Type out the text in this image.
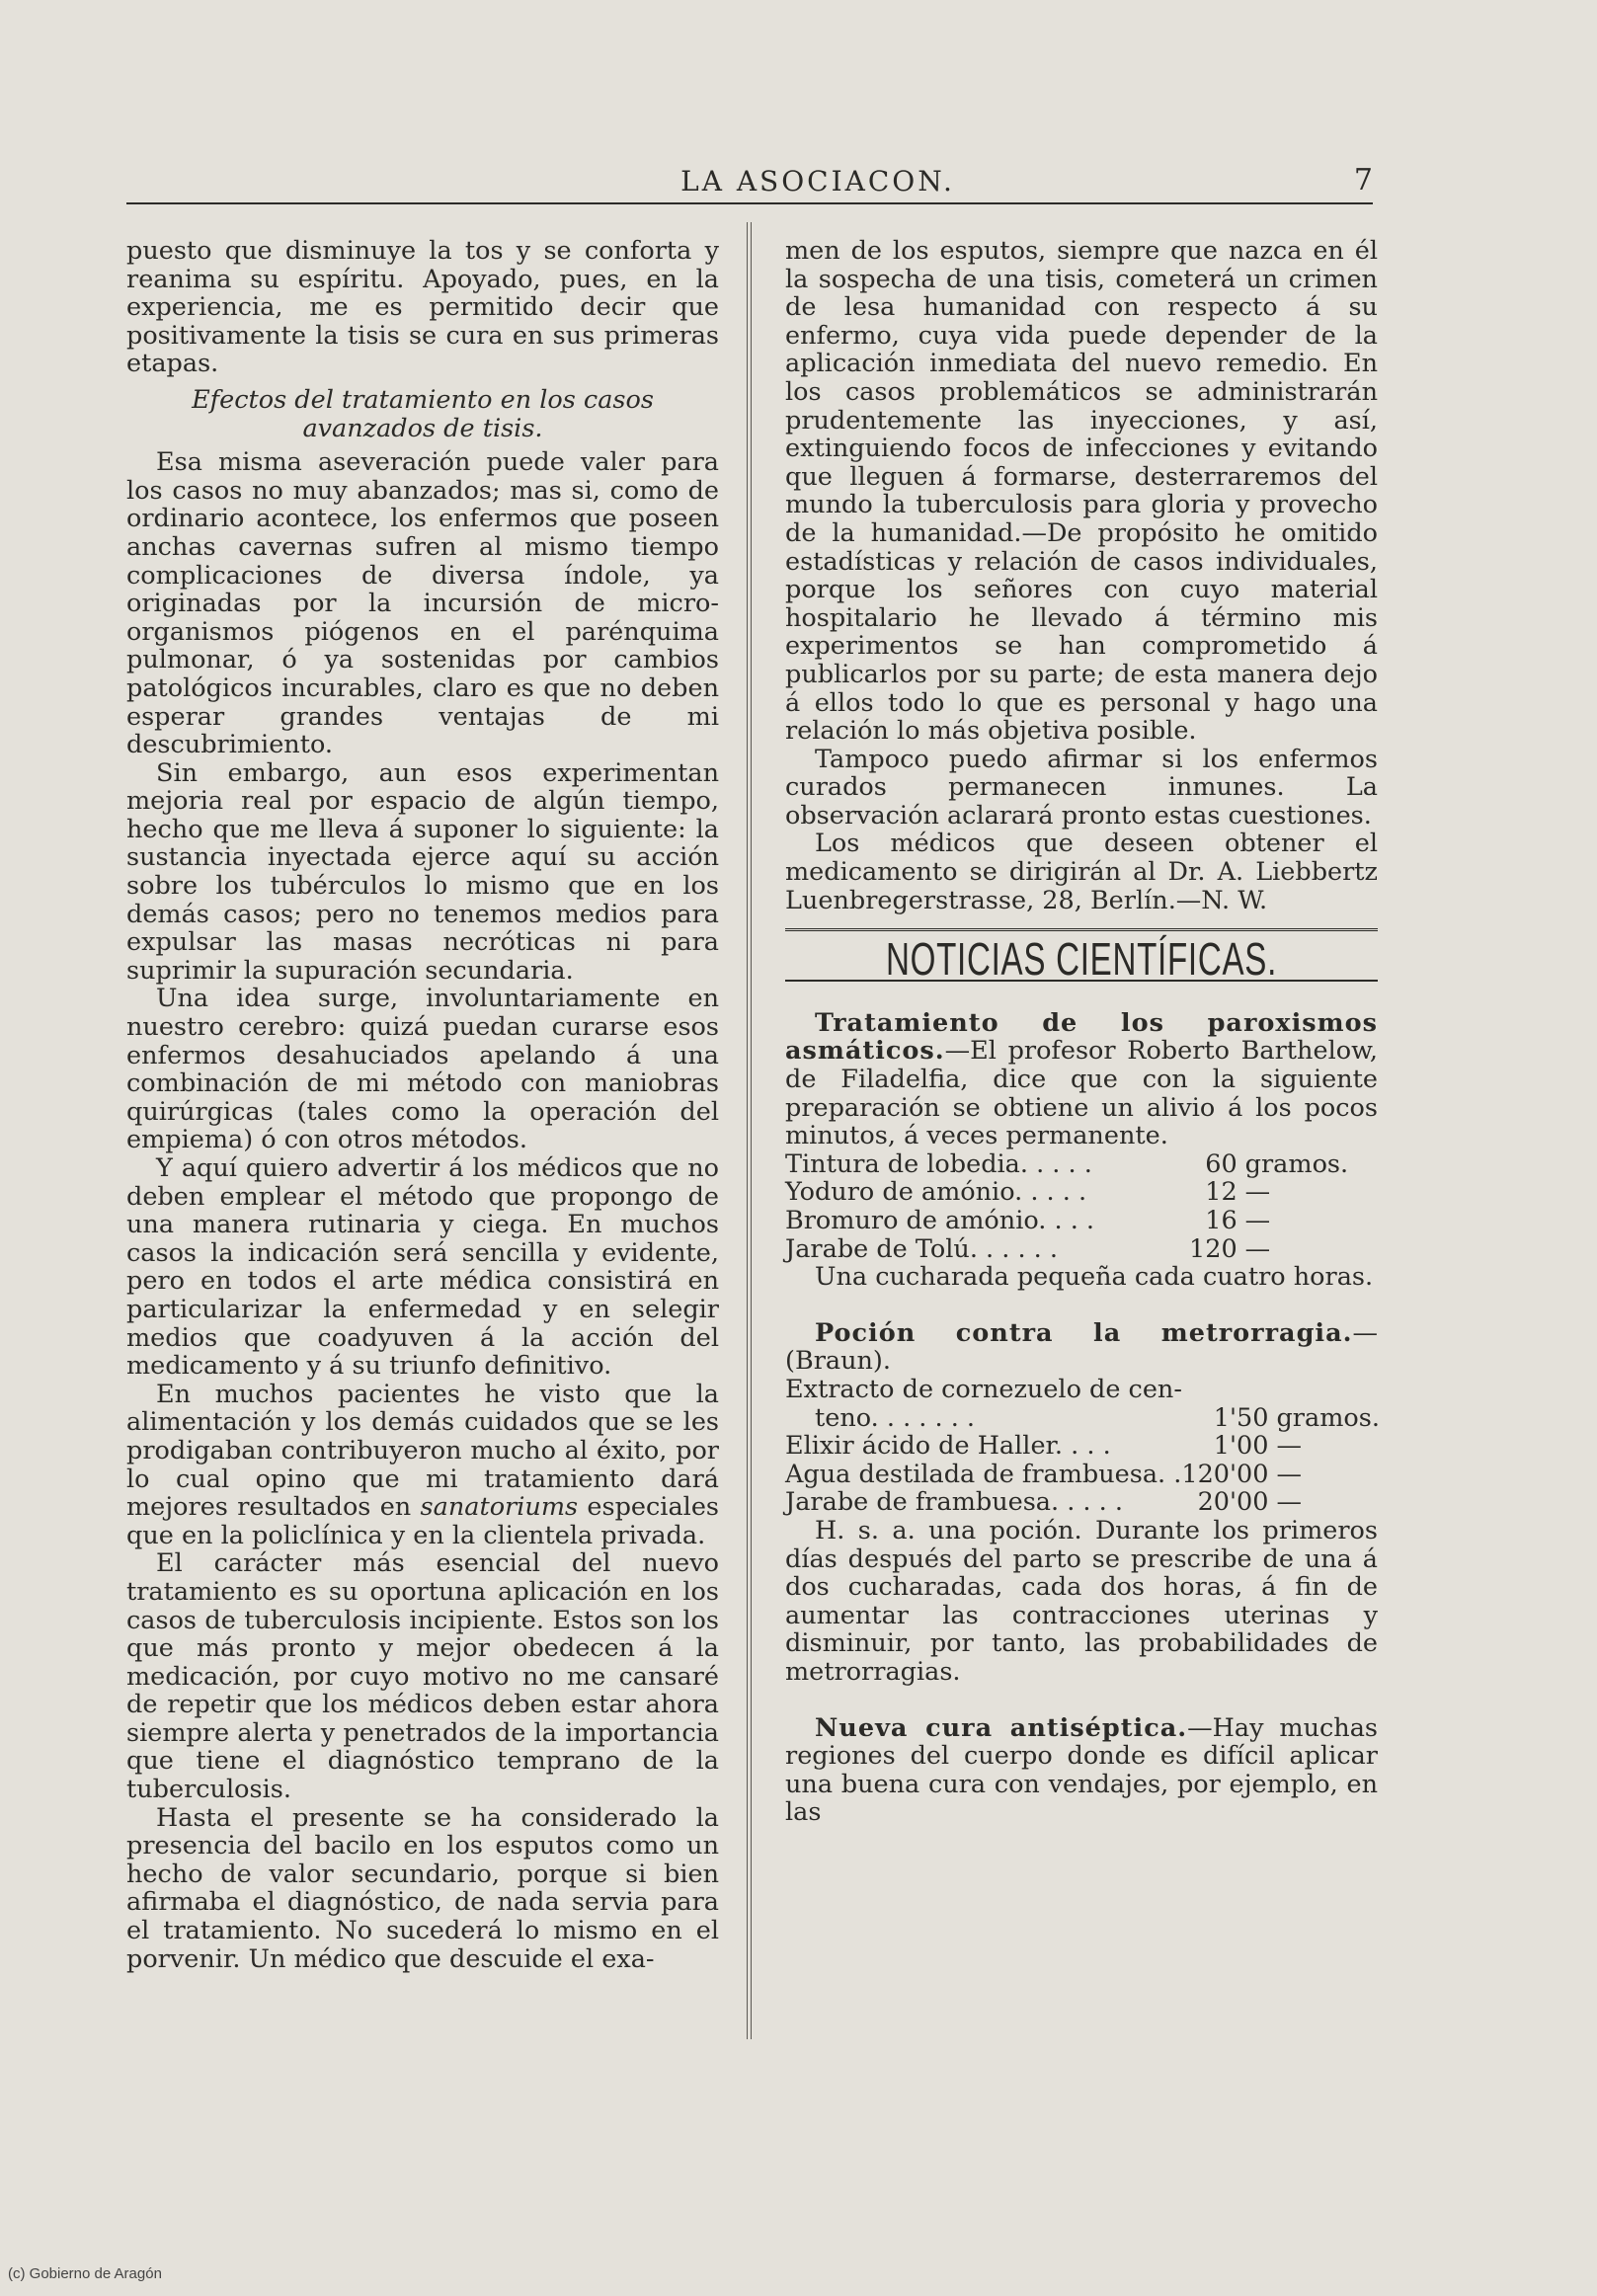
LA ASOCIACON.	7

puesto que disminuye la tos y se conforta y reanima su espíritu. Apoyado, pues, en la experiencia, me es permitido decir que positivamente la tisis se cura en sus primeras etapas.

Efectos del tratamiento en los casos avanzados de tisis.

Esa misma aseveración puede valer para los casos no muy abanzados; mas si, como de ordinario acontece, los enfermos que poseen anchas cavernas sufren al mismo tiempo complicaciones de diversa índole, ya originadas por la incursión de micro-organismos piógenos en el parénquima pulmonar, ó ya sostenidas por cambios patológicos incurables, claro es que no deben esperar grandes ventajas de mi descubrimiento.

Sin embargo, aun esos experimentan mejoria real por espacio de algún tiempo, hecho que me lleva á suponer lo siguiente: la sustancia inyectada ejerce aquí su acción sobre los tubérculos lo mismo que en los demás casos; pero no tenemos medios para expulsar las masas necróticas ni para suprimir la supuración secundaria.

Una idea surge, involuntariamente en nuestro cerebro: quizá puedan curarse esos enfermos desahuciados apelando á una combinación de mi método con maniobras quirúrgicas (tales como la operación del empiema) ó con otros métodos.

Y aquí quiero advertir á los médicos que no deben emplear el método que propongo de una manera rutinaria y ciega. En muchos casos la indicación será sencilla y evidente, pero en todos el arte médica consistirá en particularizar la enfermedad y en selegir medios que coadyuven á la acción del medicamento y á su triunfo definitivo.

En muchos pacientes he visto que la alimentación y los demás cuidados que se les prodigaban contribuyeron mucho al éxito, por lo cual opino que mi tratamiento dará mejores resultados en sanatoriums especiales que en la policlínica y en la clientela privada.

El carácter más esencial del nuevo tratamiento es su oportuna aplicación en los casos de tuberculosis incipiente. Estos son los que más pronto y mejor obedecen á la medicación, por cuyo motivo no me cansaré de repetir que los médicos deben estar ahora siempre alerta y penetrados de la importancia que tiene el diagnóstico temprano de la tuberculosis.

Hasta el presente se ha considerado la presencia del bacilo en los esputos como un hecho de valor secundario, porque si bien afirmaba el diagnóstico, de nada servia para el tratamiento. No sucederá lo mismo en el porvenir. Un médico que descuide el exa-

men de los esputos, siempre que nazca en él la sospecha de una tisis, cometerá un crimen de lesa humanidad con respecto á su enfermo, cuya vida puede depender de la aplicación inmediata del nuevo remedio. En los casos problemáticos se administrarán prudentemente las inyecciones, y así, extinguiendo focos de infecciones y evitando que lleguen á formarse, desterraremos del mundo la tuberculosis para gloria y provecho de la humanidad.—De propósito he omitido estadísticas y relación de casos individuales, porque los señores con cuyo material hospitalario he llevado á término mis experimentos se han comprometido á publicarlos por su parte; de esta manera dejo á ellos todo lo que es personal y hago una relación lo más objetiva posible.

Tampoco puedo afirmar si los enfermos curados permanecen inmunes. La observación aclarará pronto estas cuestiones.

Los médicos que deseen obtener el medicamento se dirigirán al Dr. A. Liebbertz Luenbregerstrasse, 28, Berlín.—N. W.

NOTICIAS CIENTÍFICAS.

Tratamiento de los paroxismos asmáticos.—El profesor Roberto Barthelow, de Filadelfia, dice que con la siguiente preparación se obtiene un alivio á los pocos minutos, á veces permanente.

Tintura de lobedia. . . . .	60	gramos.
Yoduro de amónio. . . . .	12	—
Bromuro de amónio. . . .	16	—
Jarabe de Tolú. . . . . .	120	—

Una cucharada pequeña cada cuatro horas.

Poción contra la metrorragia.— (Braun).

Extracto de cornezuelo de cen-

teno. . . . . . .	1'50	gramos.
Elixir ácido de Haller. . . .	1'00	—
Agua destilada de frambuesa. .	120'00	—
Jarabe de frambuesa. . . . .	20'00	—

H. s. a. una poción. Durante los primeros días después del parto se prescribe de una á dos cucharadas, cada dos horas, á fin de aumentar las contracciones uterinas y disminuir, por tanto, las probabilidades de metrorragias.

Nueva cura antiséptica.—Hay muchas regiones del cuerpo donde es difícil aplicar una buena cura con vendajes, por ejemplo, en las

(c) Gobierno de Aragón
